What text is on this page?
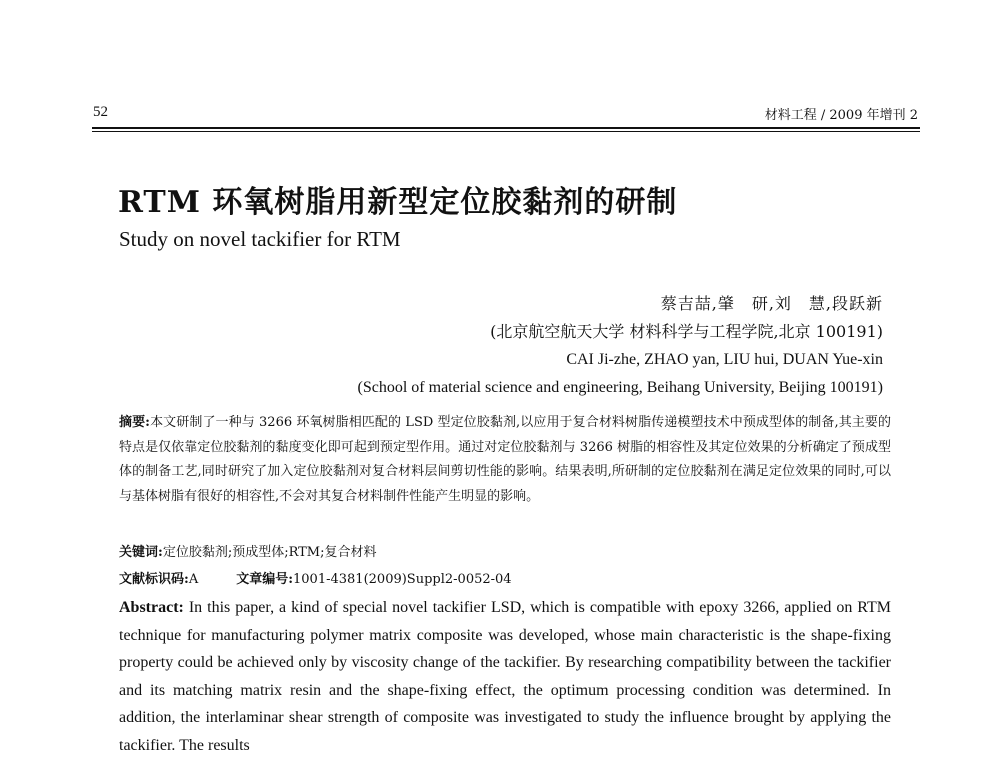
52	材料工程 / 2009 年增刊 2
RTM 环氧树脂用新型定位胶黏剂的研制
Study on novel tackifier for RTM
蔡吉喆,肇　研,刘　慧,段跃新
(北京航空航天大学 材料科学与工程学院,北京 100191)
CAI Ji-zhe, ZHAO yan, LIU hui, DUAN Yue-xin
(School of material science and engineering, Beihang University, Beijing 100191)
摘要:本文研制了一种与 3266 环氧树脂相匹配的 LSD 型定位胶黏剂,以应用于复合材料树脂传递模塑技术中预成型体的制备,其主要的特点是仅依靠定位胶黏剂的黏度变化即可起到预定型作用。通过对定位胶黏剂与 3266 树脂的相容性及其定位效果的分析确定了预成型体的制备工艺,同时研究了加入定位胶黏剂对复合材料层间剪切性能的影响。结果表明,所研制的定位胶黏剂在满足定位效果的同时,可以与基体树脂有很好的相容性,不会对其复合材料制件性能产生明显的影响。
关键词:定位胶黏剂;预成型体;RTM;复合材料
文献标识码:A	文章编号:1001-4381(2009)Suppl2-0052-04
Abstract: In this paper, a kind of special novel tackifier LSD, which is compatible with epoxy 3266, applied on RTM technique for manufacturing polymer matrix composite was developed, whose main characteristic is the shape-fixing property could be achieved only by viscosity change of the tackifier. By researching compatibility between the tackifier and its matching matrix resin and the shape-fixing effect, the optimum processing condition was determined. In addition, the interlaminar shear strength of composite was investigated to study the influence brought by applying the tackifier. The results
